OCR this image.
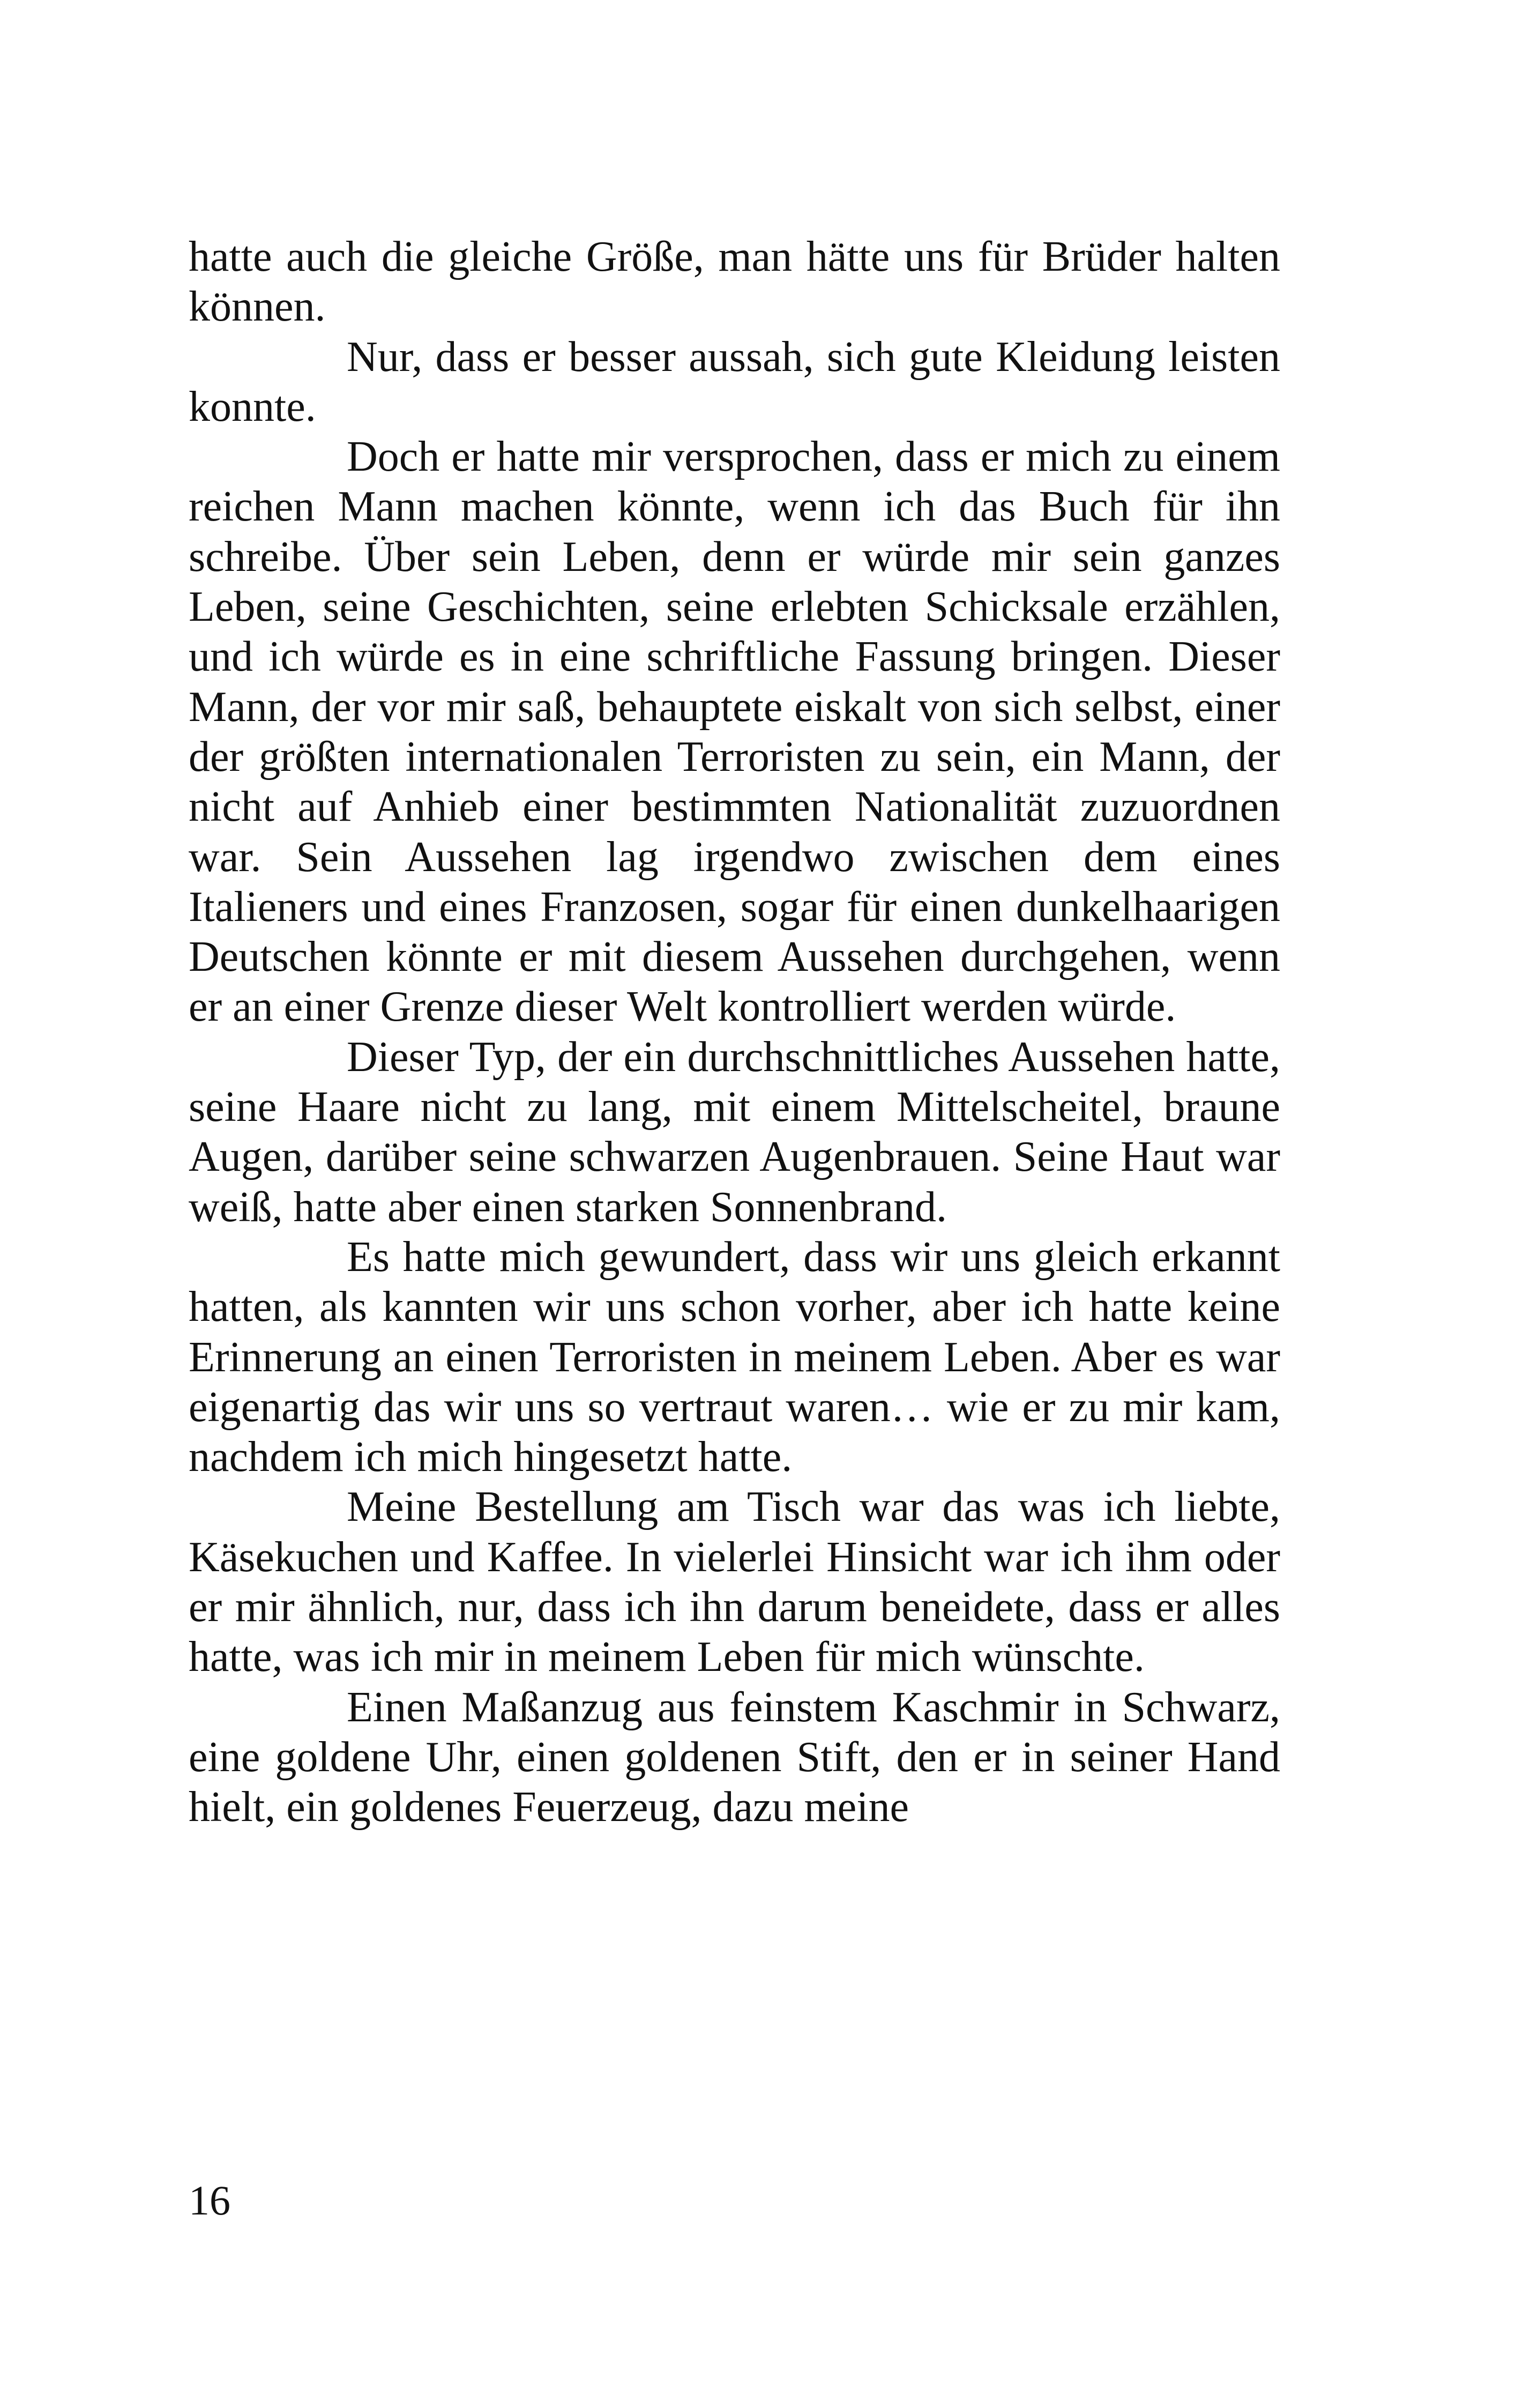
hatte auch die gleiche Größe, man hätte uns für Brüder halten können.

Nur, dass er besser aussah, sich gute Kleidung leisten konnte.

Doch er hatte mir versprochen, dass er mich zu einem reichen Mann machen könnte, wenn ich das Buch für ihn schreibe. Über sein Leben, denn er würde mir sein ganzes Leben, seine Geschichten, seine erlebten Schicksale erzählen, und ich würde es in eine schriftliche Fassung bringen. Dieser Mann, der vor mir saß, behauptete eiskalt von sich selbst, einer der größten internationalen Terroristen zu sein, ein Mann, der nicht auf Anhieb einer bestimmten Nationalität zuzuordnen war. Sein Aussehen lag irgendwo zwischen dem eines Italieners und eines Franzosen, sogar für einen dunkelhaarigen Deutschen könnte er mit diesem Aussehen durchgehen, wenn er an einer Grenze dieser Welt kontrolliert werden würde.

Dieser Typ, der ein durchschnittliches Aussehen hatte, seine Haare nicht zu lang, mit einem Mittelscheitel, braune Augen, darüber seine schwarzen Augenbrauen. Seine Haut war weiß, hatte aber einen starken Sonnenbrand.

Es hatte mich gewundert, dass wir uns gleich erkannt hatten, als kannten wir uns schon vorher, aber ich hatte keine Erinnerung an einen Terroristen in meinem Leben. Aber es war eigenartig das wir uns so vertraut waren… wie er zu mir kam, nachdem ich mich hingesetzt hatte.

Meine Bestellung am Tisch war das was ich liebte, Käsekuchen und Kaffee. In vielerlei Hinsicht war ich ihm oder er mir ähnlich, nur, dass ich ihn darum beneidete, dass er alles hatte, was ich mir in meinem Leben für mich wünschte.

Einen Maßanzug aus feinstem Kaschmir in Schwarz, eine goldene Uhr, einen goldenen Stift, den er in seiner Hand hielt, ein goldenes Feuerzeug, dazu meine

16
